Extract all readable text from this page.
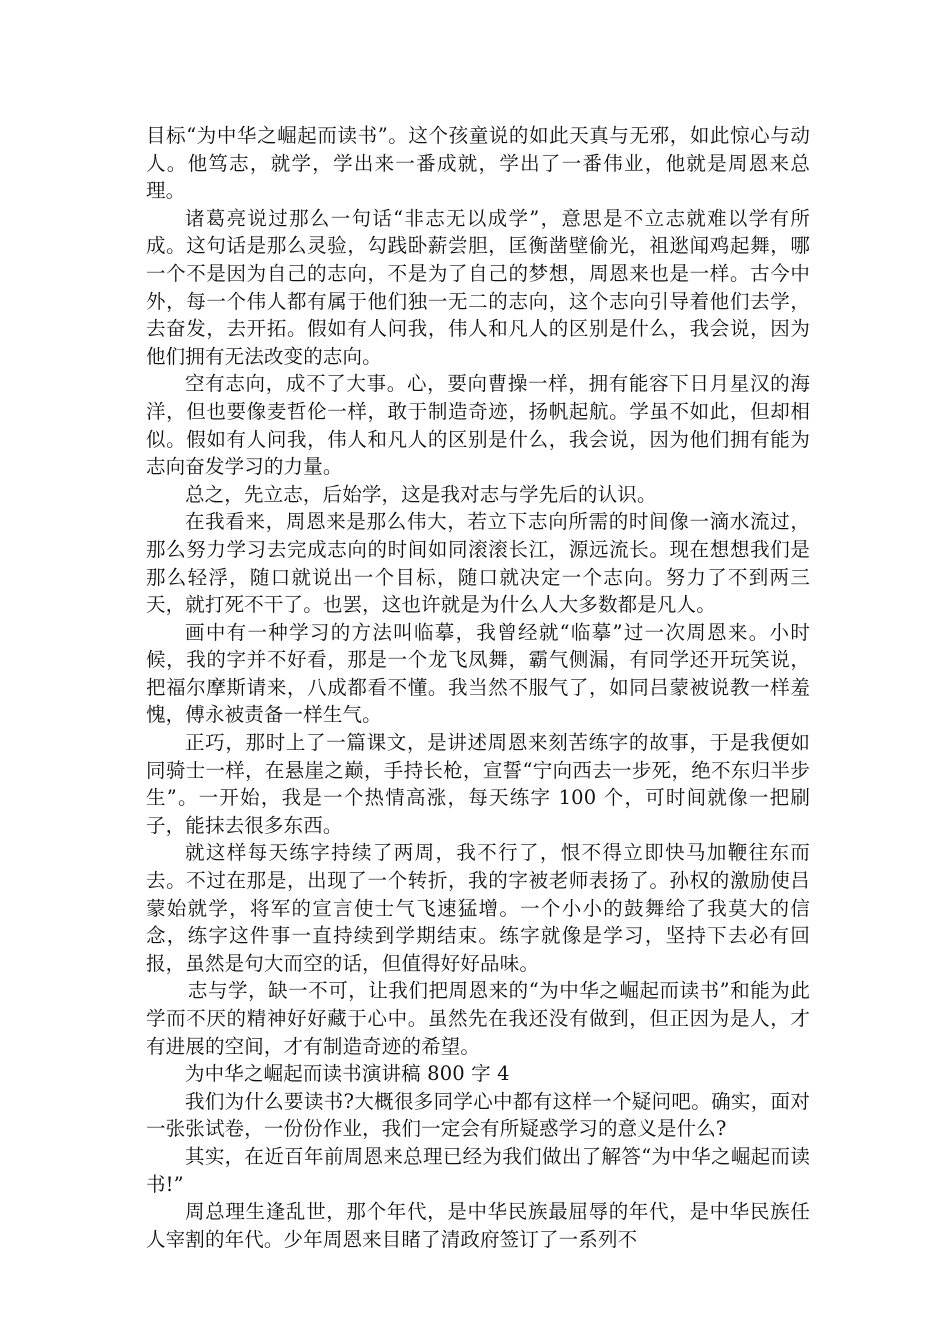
目标“为中华之崛起而读书”。这个孩童说的如此天真与无邪，如此惊心与动人。他笃志，就学，学出来一番成就，学出了一番伟业，他就是周恩来总理。

诸葛亮说过那么一句话“非志无以成学”，意思是不立志就难以学有所成。这句话是那么灵验，勾践卧薪尝胆，匡衡凿壁偷光，祖逖闻鸡起舞，哪一个不是因为自己的志向，不是为了自己的梦想，周恩来也是一样。古今中外，每一个伟人都有属于他们独一无二的志向，这个志向引导着他们去学，去奋发，去开拓。假如有人问我，伟人和凡人的区别是什么，我会说，因为他们拥有无法改变的志向。

空有志向，成不了大事。心，要向曹操一样，拥有能容下日月星汉的海洋，但也要像麦哲伦一样，敢于制造奇迹，扬帆起航。学虽不如此，但却相似。假如有人问我，伟人和凡人的区别是什么，我会说，因为他们拥有能为志向奋发学习的力量。

总之，先立志，后始学，这是我对志与学先后的认识。

在我看来，周恩来是那么伟大，若立下志向所需的时间像一滴水流过，那么努力学习去完成志向的时间如同滚滚长江，源远流长。现在想想我们是那么轻浮，随口就说出一个目标，随口就决定一个志向。努力了不到两三天，就打死不干了。也罢，这也许就是为什么人大多数都是凡人。

画中有一种学习的方法叫临摹，我曾经就“临摹”过一次周恩来。小时候，我的字并不好看，那是一个龙飞凤舞，霸气侧漏，有同学还开玩笑说，把福尔摩斯请来，八成都看不懂。我当然不服气了，如同吕蒙被说教一样羞愧，傅永被责备一样生气。

正巧，那时上了一篇课文，是讲述周恩来刻苦练字的故事，于是我便如同骑士一样，在悬崖之巅，手持长枪，宣誓“宁向西去一步死，绝不东归半步生”。一开始，我是一个热情高涨，每天练字 100 个，可时间就像一把刷子，能抹去很多东西。

就这样每天练字持续了两周，我不行了，恨不得立即快马加鞭往东而去。不过在那是，出现了一个转折，我的字被老师表扬了。孙权的激励使吕蒙始就学，将军的宣言使士气飞速猛增。一个小小的鼓舞给了我莫大的信念，练字这件事一直持续到学期结束。练字就像是学习，坚持下去必有回报，虽然是句大而空的话，但值得好好品味。

志与学，缺一不可，让我们把周恩来的“为中华之崛起而读书”和能为此学而不厌的精神好好藏于心中。虽然先在我还没有做到，但正因为是人，才有进展的空间，才有制造奇迹的希望。

为中华之崛起而读书演讲稿 800 字 4

我们为什么要读书?大概很多同学心中都有这样一个疑问吧。确实，面对一张张试卷，一份份作业，我们一定会有所疑惑学习的意义是什么?

其实，在近百年前周恩来总理已经为我们做出了解答“为中华之崛起而读书!”

周总理生逢乱世，那个年代，是中华民族最屈辱的年代，是中华民族任人宰割的年代。少年周恩来目睹了清政府签订了一系列不
